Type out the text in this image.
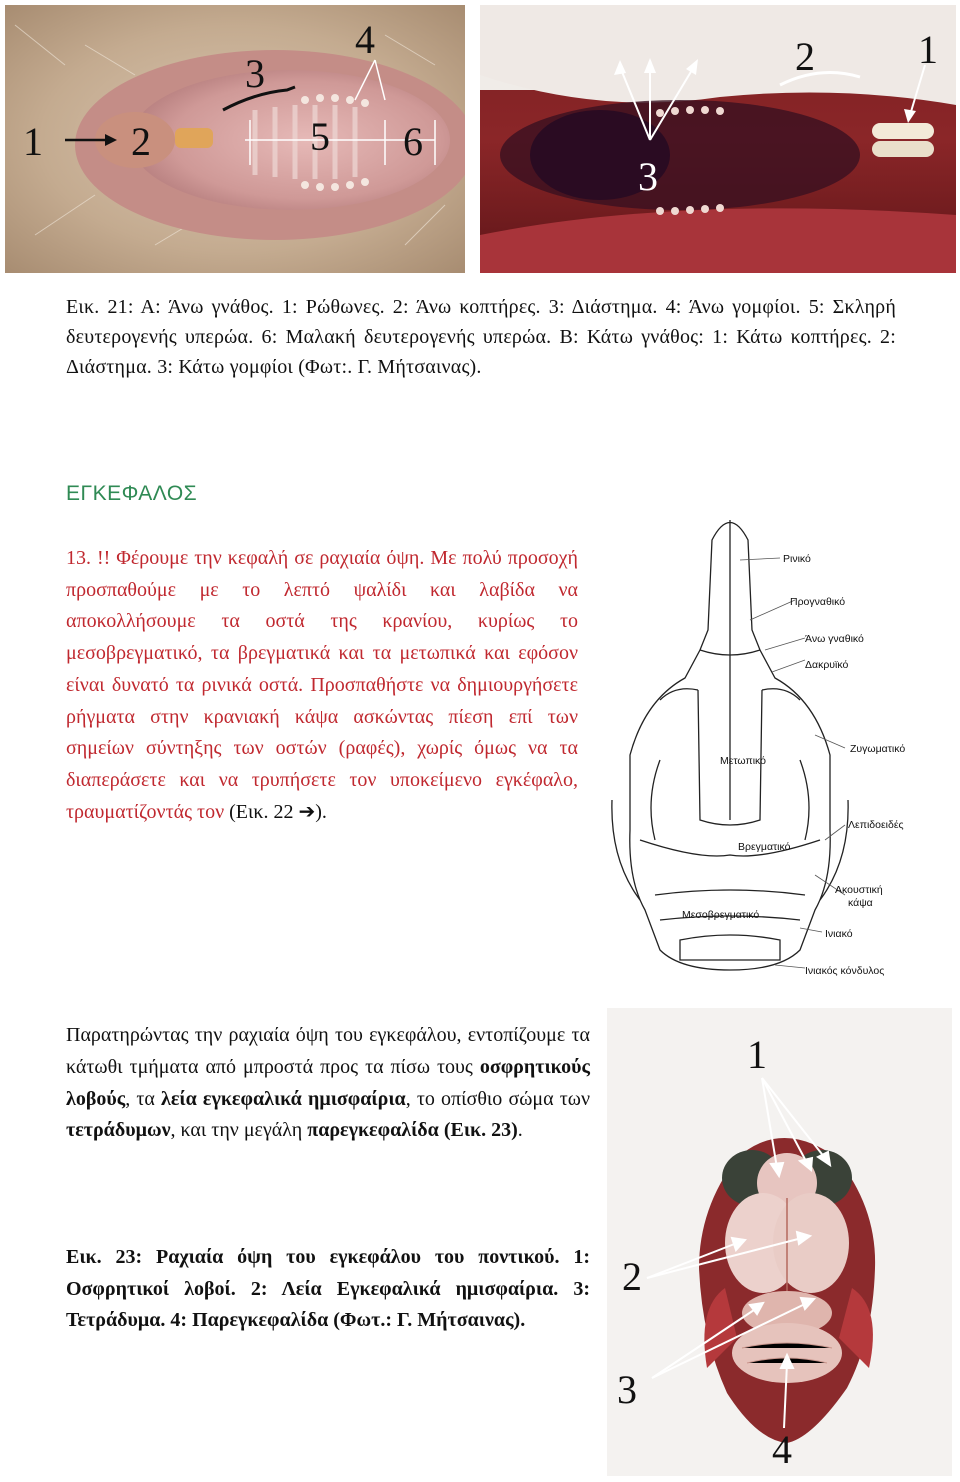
1 2
3
4
5 6
1
2
3
Εικ. 21: Α: Άνω γνάθος. 1: Ρώθωνες. 2: Άνω κοπτήρες. 3: Διάστημα. 4: Άνω γομφίοι. 5: Σκληρή δευτερογενής υπερώα. 6: Μαλακή δευτερογενής υπερώα. Β: Κάτω γνάθος: 1: Κάτω κοπτήρες. 2: Διάστημα. 3: Κάτω γομφίοι (Φωτ:. Γ. Μήτσαινας).
ΕΓΚΕΦΑΛΟΣ
13. !! Φέρουμε την κεφαλή σε ραχιαία όψη. Με πολύ προσοχή προσπαθούμε με το λεπτό ψαλίδι και λαβίδα να αποκολλήσουμε τα οστά της κρανίου, κυρίως το μεσοβρεγματικό, τα βρεγματικά και τα μετωπικά και εφόσον είναι δυνατό τα ρινικά οστά. Προσπαθήστε να δημιουργήσετε ρήγματα στην κρανιακή κάψα ασκώντας πίεση επί των σημείων σύντηξης των οστών (ραφές), χωρίς όμως να τα διαπεράσετε και να τρυπήσετε τον υποκείμενο εγκέφαλο, τραυματίζοντάς τον (Εικ. 22 ➔).
Ρινικό
Προγναθικό
Άνω γναθικό
Δακρυϊκό
Ζυγωματικό
Μετωπικό
Λεπιδοειδές
Βρεγματικό
Ακουστική
κάψα
Μεσοβρεγματικό
Ινιακό
Ινιακός κόνδυλος
Παρατηρώντας την ραχιαία όψη του εγκεφάλου, εντοπίζουμε τα κάτωθι τμήματα από μπροστά προς τα πίσω τους οσφρητικούς λοβούς, τα λεία εγκεφαλικά ημισφαίρια, το οπίσθιο σώμα των τετράδυμων, και την μεγάλη παρεγκεφαλίδα (Εικ. 23).
Εικ. 23: Ραχιαία όψη του εγκεφάλου του ποντικού. 1: Οσφρητικοί λοβοί. 2: Λεία Εγκεφαλικά ημισφαίρια. 3: Τετράδυμα. 4: Παρεγκεφαλίδα (Φωτ.: Γ. Μήτσαινας).
1
2
3
4
